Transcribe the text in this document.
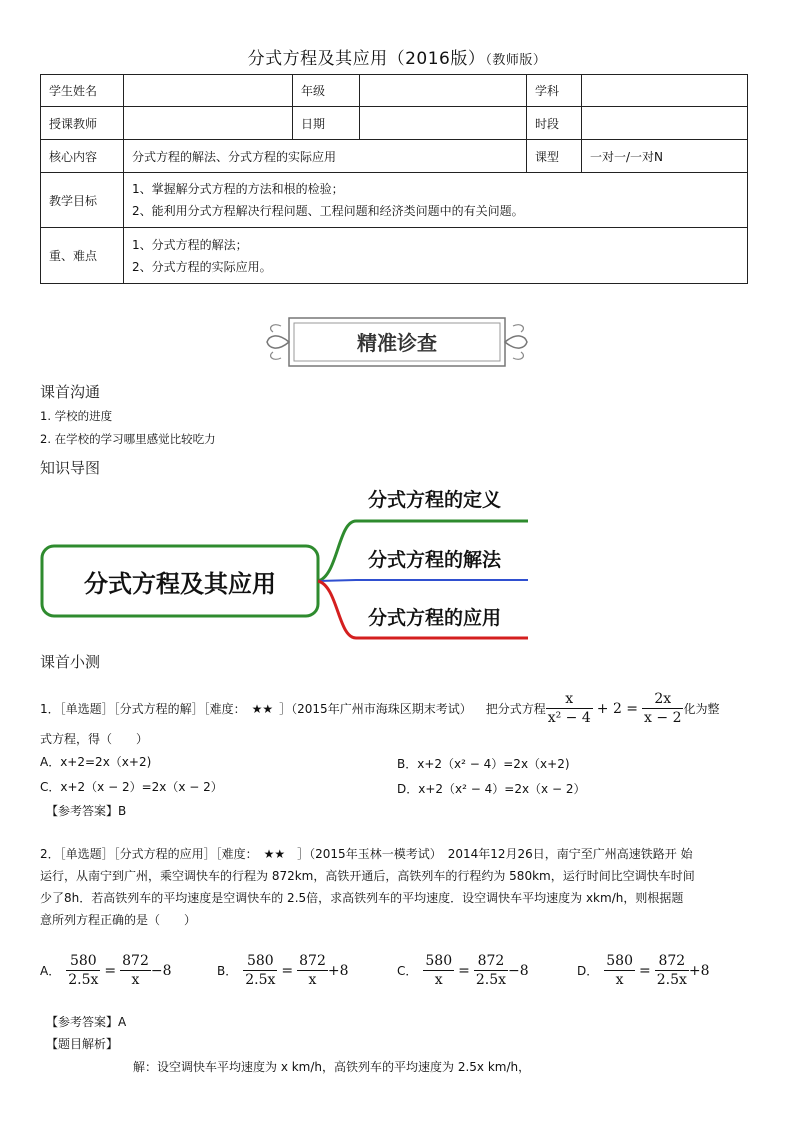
分式方程及其应用（2016版）（教师版）
学生姓名		年级		学科	
授课教师		日期		时段	
核心内容	分式方程的解法、分式方程的实际应用			课型	一对一/一对N
教学目标	1、掌握解分式方程的方法和根的检验；
2、能利用分式方程解决行程问题、工程问题和经济类问题中的有关问题。				

重、难点	1、分式方程的解法；
2、分式方程的实际应用。				
精准诊查
课首沟通
1. 学校的进度
2. 在学校的学习哪里感觉比较吃力
知识导图
分式方程及其应用
分式方程的定义
分式方程的解法
分式方程的应用
课首小测
1．［单选题］［分式方程的解］［难度： ★★ ］（2015年广州市海珠区期末考试） 把分式方程 $\frac{x}{\text{x² − 4}} + 2 = \frac{2x}{x - 2}$ 化为整
式方程，得（　　）
A．x+2=2x（x+2)	B．x+2（x² − 4）=2x（x+2)
C．x+2（x − 2）=2x（x − 2）	D．x+2（x² − 4）=2x（x − 2）
【参考答案】B
2．［单选题］［分式方程的应用］［难度：　★★　］（2015年玉林一模考试）　2014年12月26日，南宁至广州高速铁路开 始
运行，从南宁到广州，乘空调快车的行程为 872km，高铁开通后，高铁列车的行程约为 580km，运行时间比空调快车时间
少了8h．若高铁列车的平均速度是空调快车的 2.5倍，求高铁列车的平均速度．设空调快车平均速度为 xkm/h，则根据题
意所列方程正确的是（　　）
A． $\frac{580}{2.5x} = \frac{872}{x} -8$	B． $\frac{580}{2.5x} = \frac{872}{x} +8$	C． $\frac{580}{x} = \frac{872}{2.5x} -8$	D． $\frac{580}{x} = \frac{872}{2.5x} +8$
【参考答案】A
【题目解析】
解：设空调快车平均速度为 x km/h，高铁列车的平均速度为 2.5x km/h，
